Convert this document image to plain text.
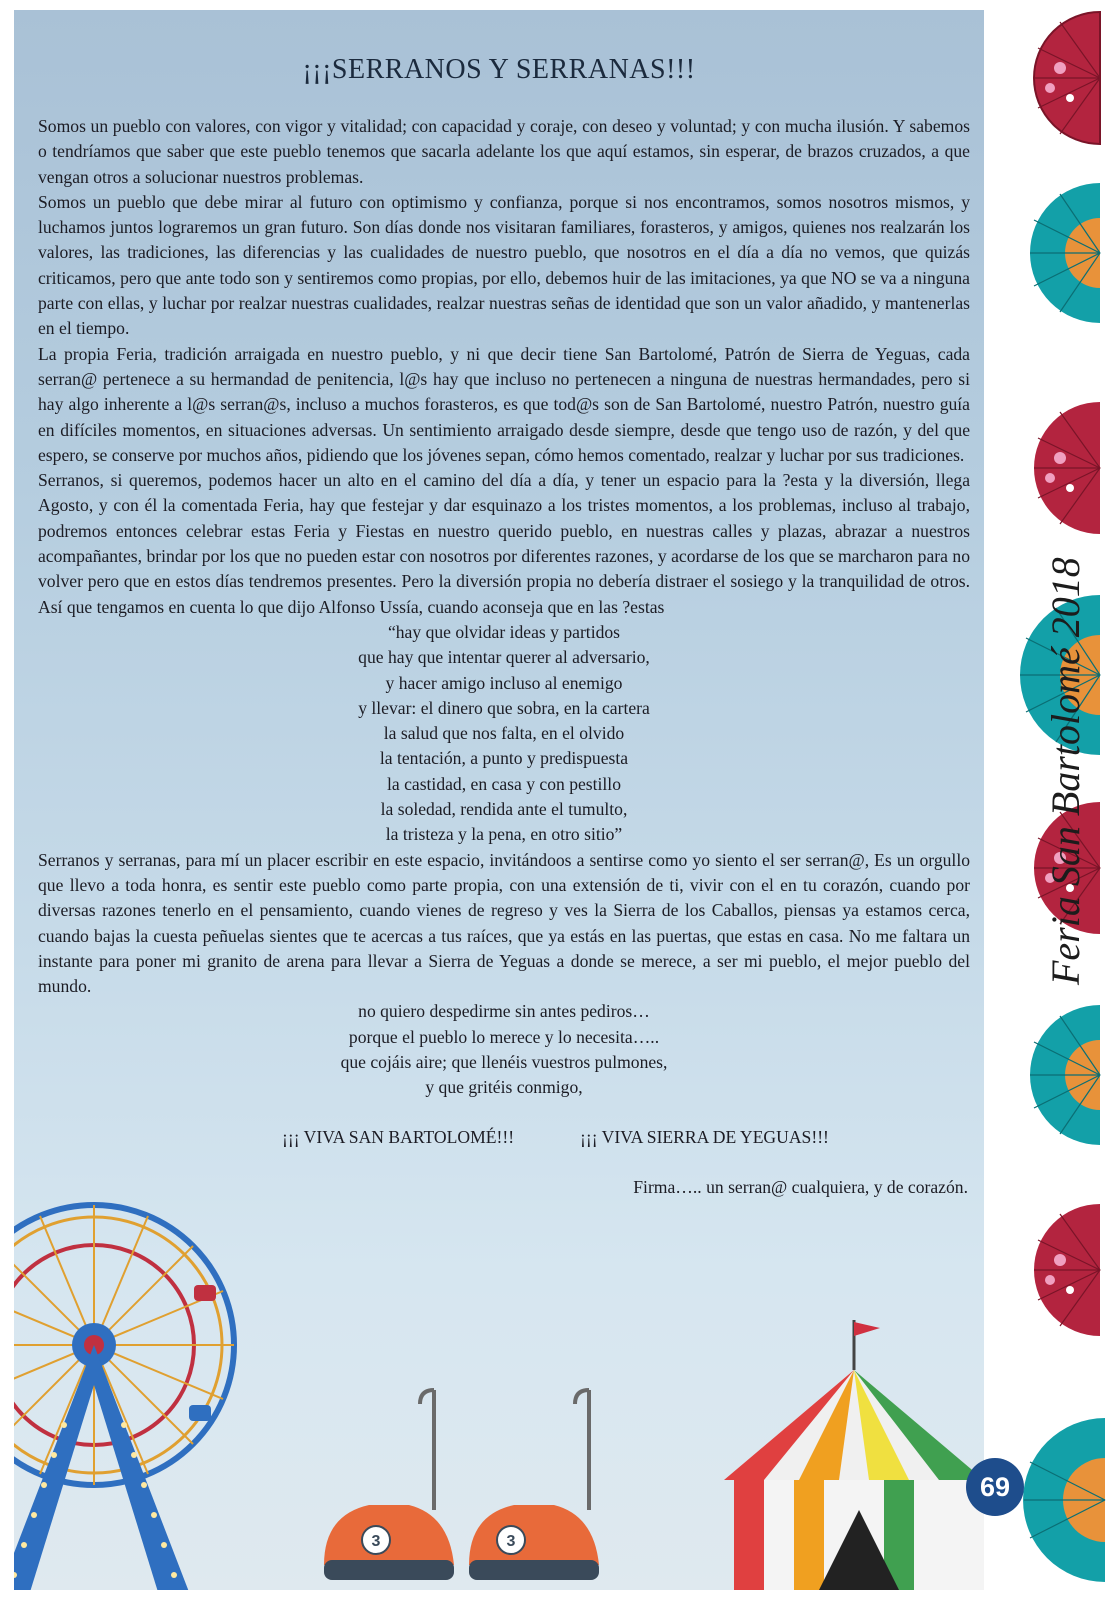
¡¡¡SERRANOS Y SERRANAS!!!

Somos un pueblo con valores, con vigor y vitalidad; con capacidad y coraje, con deseo y voluntad; y con mucha ilusión. Y sabemos o tendríamos que saber que este pueblo tenemos que sacarla adelante los que aquí estamos, sin esperar, de brazos cruzados, a que vengan otros a solucionar nuestros problemas.

Somos un pueblo que debe mirar al futuro con optimismo y confianza, porque si nos encontramos, somos nosotros mismos, y luchamos juntos lograremos un gran futuro. Son días donde nos visitaran familiares, forasteros, y amigos, quienes nos realzarán los valores, las tradiciones, las diferencias y las cualidades de nuestro pueblo, que nosotros en el día a día no vemos, que quizás criticamos, pero que ante todo son y sentiremos como propias, por ello, debemos huir de las imitaciones, ya que NO se va a ninguna parte con ellas, y luchar por realzar nuestras cualidades, realzar nuestras señas de identidad que son un valor añadido, y mantenerlas en el tiempo.

La propia Feria, tradición arraigada en nuestro pueblo, y ni que decir tiene San Bartolomé, Patrón de Sierra de Yeguas, cada serran@ pertenece a su hermandad de penitencia, l@s hay que incluso no pertenecen a ninguna de nuestras hermandades, pero si hay algo inherente a l@s serran@s, incluso a muchos forasteros, es que tod@s son de San Bartolomé, nuestro Patrón, nuestro guía en difíciles momentos, en situaciones adversas. Un sentimiento arraigado desde siempre, desde que tengo uso de razón, y del que espero, se conserve por muchos años, pidiendo que los jóvenes sepan, cómo hemos comentado, realzar y luchar por sus tradiciones.

Serranos, si queremos, podemos hacer un alto en el camino del día a día, y tener un espacio para la ?esta y la diversión, llega Agosto, y con él la comentada Feria, hay que festejar y dar esquinazo a los tristes momentos, a los problemas, incluso al trabajo, podremos entonces celebrar estas Feria y Fiestas en nuestro querido pueblo, en nuestras calles y plazas, abrazar a nuestros acompañantes, brindar por los que no pueden estar con nosotros por diferentes razones, y acordarse de los que se marcharon para no volver pero que en estos días tendremos presentes. Pero la diversión propia no debería distraer el sosiego y la tranquilidad de otros. Así que tengamos en cuenta lo que dijo Alfonso Ussía, cuando aconseja que en las ?estas

“hay que olvidar ideas y partidos
que hay que intentar querer al adversario,
y hacer amigo incluso al enemigo
y llevar: el dinero que sobra, en la cartera
la salud que nos falta, en el olvido
la tentación, a punto y predispuesta
la castidad, en casa y con pestillo
la soledad, rendida ante el tumulto,
la tristeza y la pena, en otro sitio”

Serranos y serranas, para mí un placer escribir en este espacio, invitándoos a sentirse como yo siento el ser serran@, Es un orgullo que llevo a toda honra, es sentir este pueblo como parte propia, con una extensión de ti, vivir con el en tu corazón, cuando por diversas razones tenerlo en el pensamiento, cuando vienes de regreso y ves la Sierra de los Caballos, piensas ya estamos cerca, cuando bajas la cuesta peñuelas sientes que te acercas a tus raíces, que ya estás en las puertas, que estas en casa. No me faltara un instante para poner mi granito de arena para llevar a Sierra de Yeguas a donde se merece, a ser mi pueblo, el mejor pueblo del mundo.

no quiero despedirme sin antes pediros…
porque el pueblo lo merece y lo necesita…..
que cojáis aire; que llenéis vuestros pulmones,
y que gritéis conmigo,
¡¡¡ VIVA SAN BARTOLOMÉ!!!	¡¡¡ VIVA SIERRA DE YEGUAS!!!
Firma….. un serran@ cualquiera, y de corazón.
3	3
Feria San Bartolomé 2018
69
